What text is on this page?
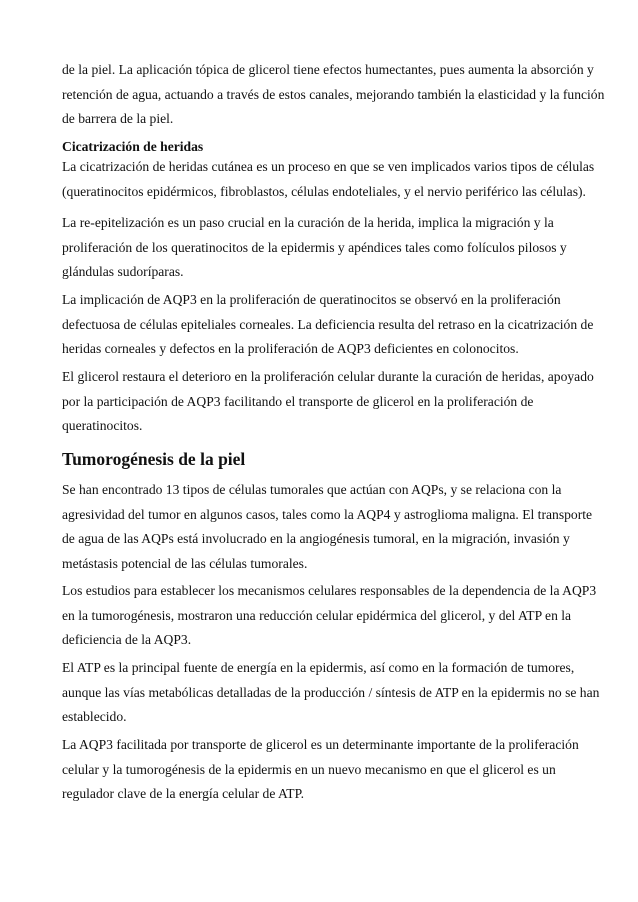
de la piel. La aplicación tópica de glicerol tiene efectos humectantes, pues aumenta la absorción y
retención de agua, actuando a través de estos canales, mejorando también la elasticidad y la función
de barrera de la piel.
Cicatrización de heridas
La cicatrización de heridas cutánea es un proceso en que se ven implicados varios tipos de células
(queratinocitos epidérmicos, fibroblastos, células endoteliales, y el nervio periférico las células).
La re-epitelización es un paso crucial en la curación de la herida, implica la migración y la
proliferación de los queratinocitos de la epidermis y apéndices tales como folículos pilosos y
glándulas sudoríparas.
La implicación de AQP3 en la proliferación de queratinocitos se observó en la proliferación
defectuosa de células epiteliales corneales. La deficiencia resulta del retraso en la cicatrización de
heridas corneales y defectos en la proliferación de AQP3 deficientes en colonocitos.
El glicerol restaura el deterioro en la proliferación celular durante la curación de heridas, apoyado
por la participación de AQP3 facilitando el transporte de glicerol en la proliferación de
queratinocitos.
Tumorogénesis de la piel
Se han encontrado 13 tipos de células tumorales que actúan con AQPs, y se relaciona con la
agresividad del tumor en algunos casos, tales como la AQP4 y astroglioma maligna. El transporte
de agua de las AQPs está involucrado en la angiogénesis tumoral, en la migración, invasión y
metástasis potencial de las células tumorales.
Los estudios para establecer los mecanismos celulares responsables de la dependencia de la AQP3
en la tumorogénesis, mostraron una reducción celular epidérmica del glicerol, y del ATP en la
deficiencia de la AQP3.
El ATP es la principal fuente de energía en la epidermis, así como en la formación de tumores,
aunque las vías metabólicas detalladas de la producción / síntesis de ATP en la epidermis no se han
establecido.
La AQP3 facilitada por transporte de glicerol es un determinante importante de la proliferación
celular y la tumorogénesis de la epidermis en un nuevo mecanismo en que el glicerol es un
regulador clave de la energía celular de ATP.
